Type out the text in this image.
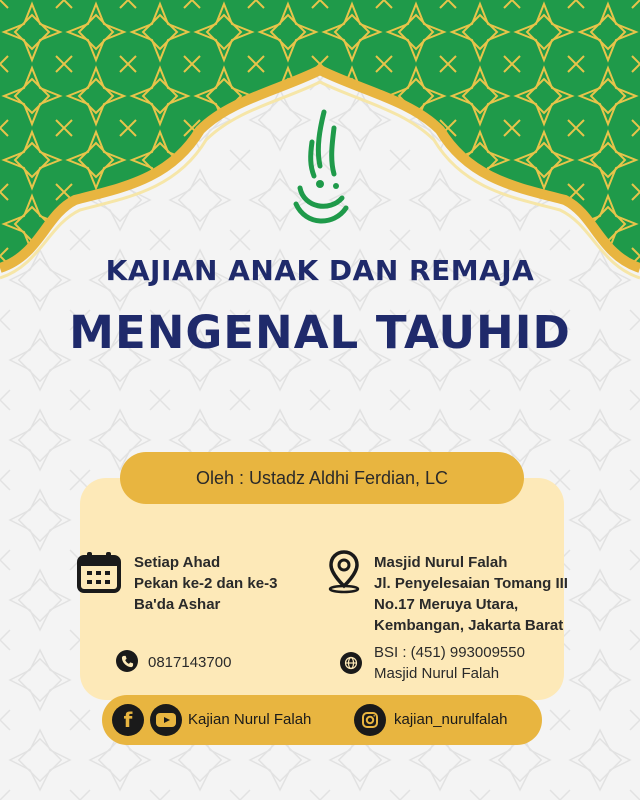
KAJIAN ANAK DAN REMAJA
MENGENAL TAUHID
Oleh : Ustadz Aldhi Ferdian, LC
Setiap Ahad
Pekan ke-2 dan ke-3
Ba'da Ashar
Masjid Nurul Falah
Jl. Penyelesaian Tomang III
No.17 Meruya Utara,
Kembangan, Jakarta Barat
0817143700
BSI : (451) 993009550
Masjid Nurul Falah
f	Kajian Nurul Falah	kajian_nurulfalah
